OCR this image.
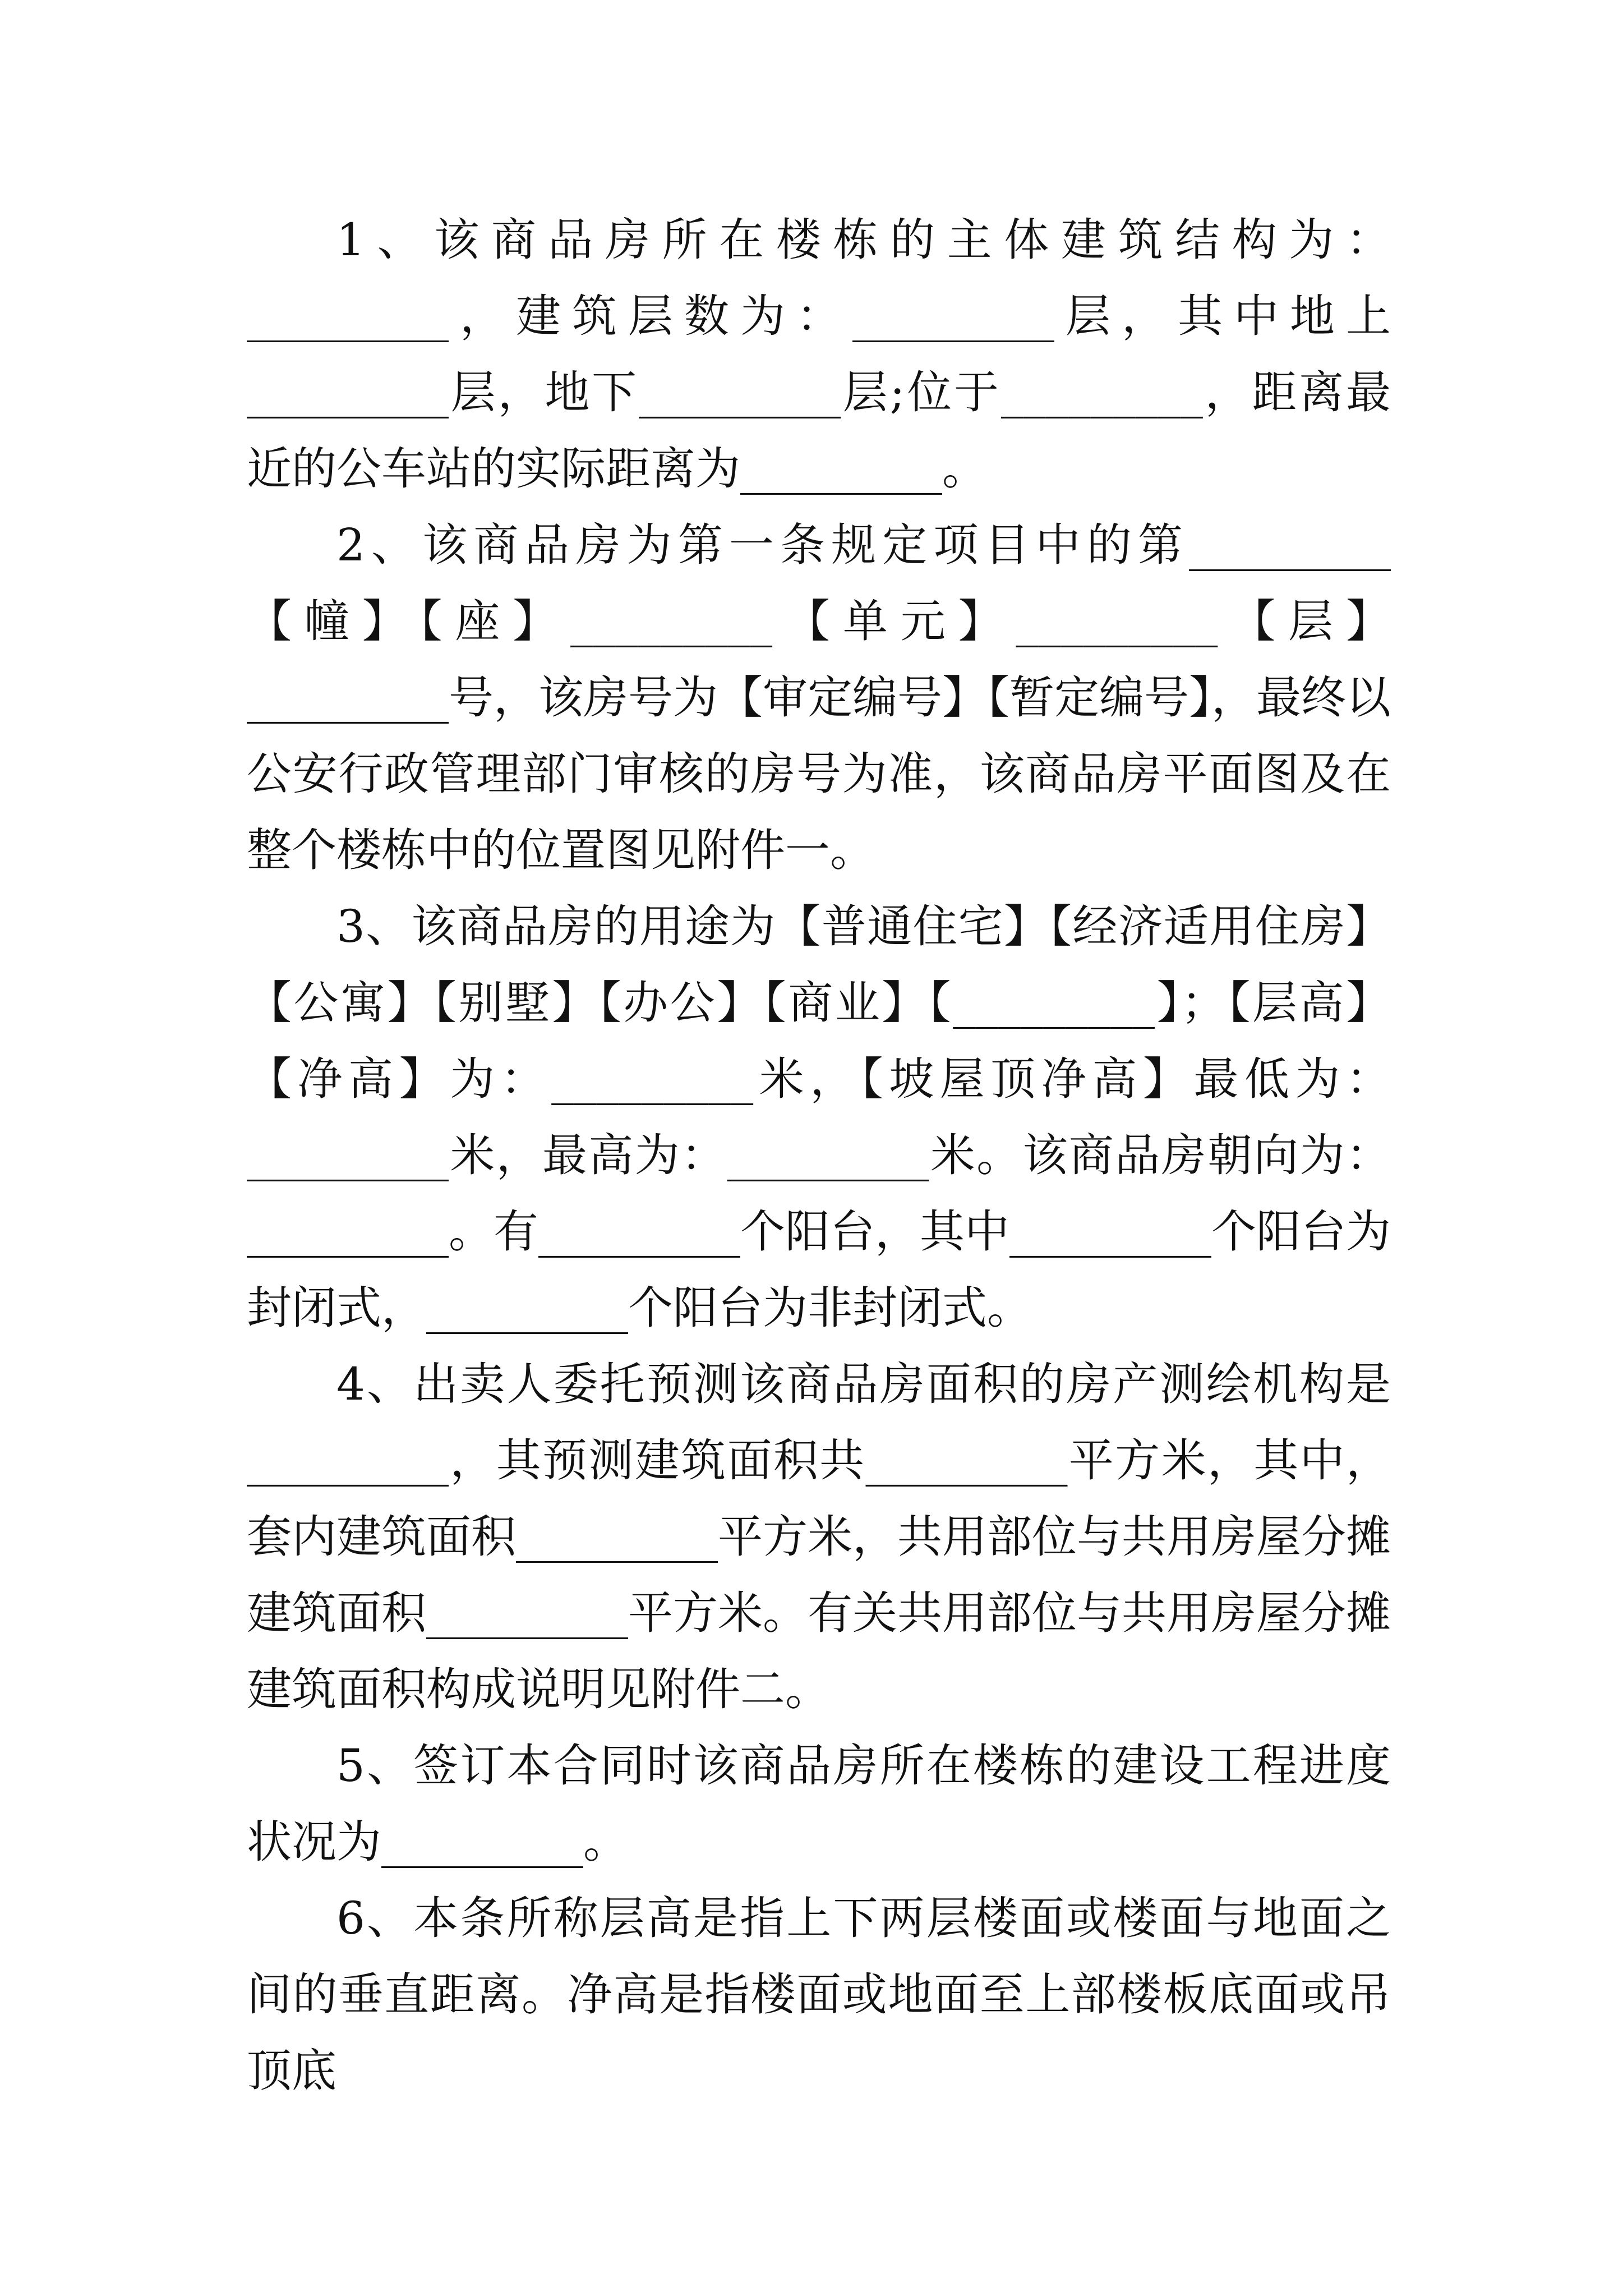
1、该商品房所在楼栋的主体建筑结构为：_________，建筑层数为：_________层，其中地上_________层，地下_________层;位于_________，距离最近的公车站的实际距离为_________。

2、该商品房为第一条规定项目中的第_________【幢】【座】_________【单元】_________【层】_________号，该房号为【审定编号】【暂定编号】，最终以公安行政管理部门审核的房号为准，该商品房平面图及在整个楼栋中的位置图见附件一。

3、该商品房的用途为【普通住宅】【经济适用住房】【公寓】【别墅】【办公】【商业】【_________】；【层高】【净高】为：_________米，【坡屋顶净高】最低为：_________米，最高为：_________米。该商品房朝向为：_________。有_________个阳台，其中_________个阳台为封闭式，_________个阳台为非封闭式。

4、出卖人委托预测该商品房面积的房产测绘机构是_________，其预测建筑面积共_________平方米，其中，套内建筑面积_________平方米，共用部位与共用房屋分摊建筑面积_________平方米。有关共用部位与共用房屋分摊建筑面积构成说明见附件二。

5、签订本合同时该商品房所在楼栋的建设工程进度状况为_________。

6、本条所称层高是指上下两层楼面或楼面与地面之间的垂直距离。净高是指楼面或地面至上部楼板底面或吊顶底
